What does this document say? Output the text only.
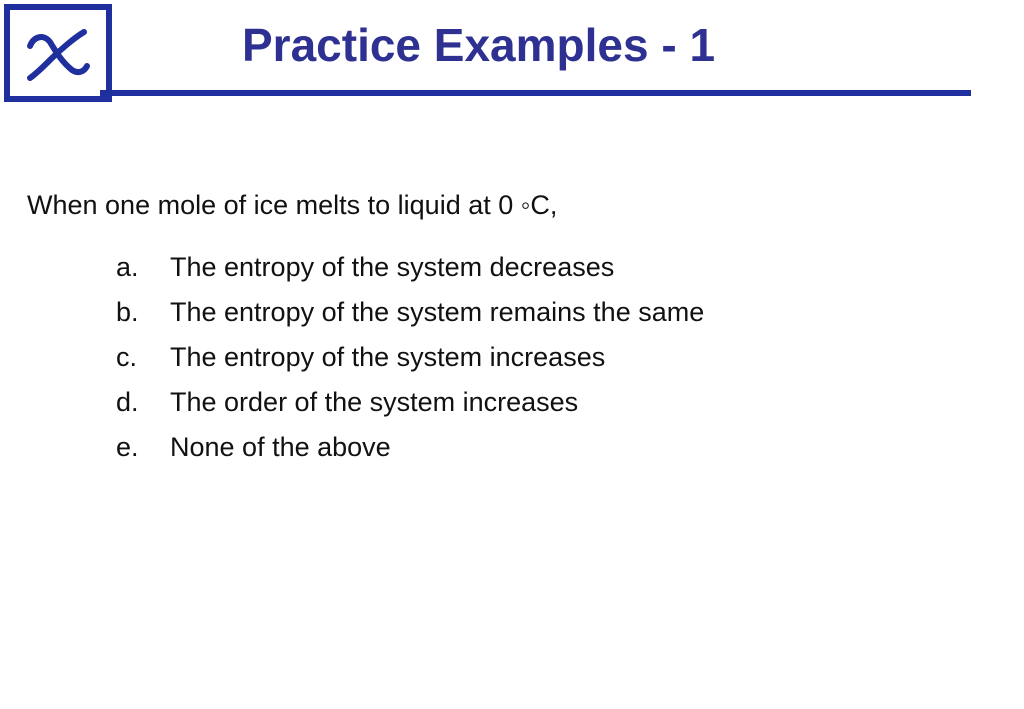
Practice Examples - 1

When one mole of ice melts to liquid at 0 ◦C,

a.	The entropy of the system decreases
b.	The entropy of the system remains the same
c.	The entropy of the system increases
d.	The order of the system increases
e.	None of the above
